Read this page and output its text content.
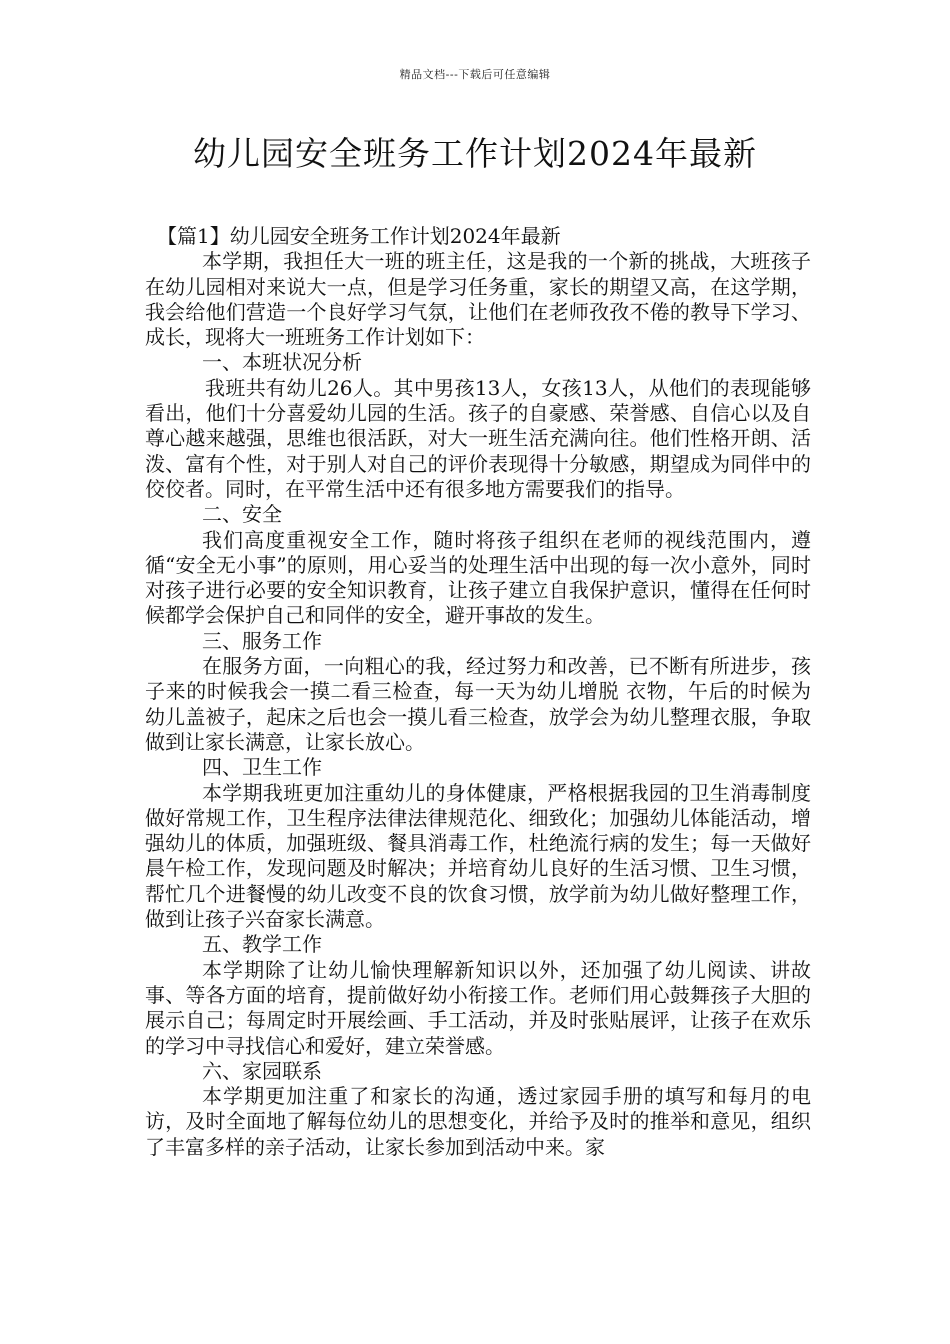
精品文档---下载后可任意编辑
幼儿园安全班务工作计划2024年最新

【篇1】幼儿园安全班务工作计划2024年最新

本学期，我担任大一班的班主任，这是我的一个新的挑战，大班孩子在幼儿园相对来说大一点，但是学习任务重，家长的期望又高，在这学期，我会给他们营造一个良好学习气氛，让他们在老师孜孜不倦的教导下学习、成长，现将大一班班务工作计划如下：

一、本班状况分析

我班共有幼儿26人。其中男孩13人，女孩13人，从他们的表现能够看出，他们十分喜爱幼儿园的生活。孩子的自豪感、荣誉感、自信心以及自尊心越来越强，思维也很活跃，对大一班生活充满向往。他们性格开朗、活泼、富有个性，对于别人对自己的评价表现得十分敏感，期望成为同伴中的佼佼者。同时，在平常生活中还有很多地方需要我们的指导。

二、安全

我们高度重视安全工作，随时将孩子组织在老师的视线范围内，遵循“安全无小事”的原则，用心妥当的处理生活中出现的每一次小意外，同时对孩子进行必要的安全知识教育，让孩子建立自我保护意识，懂得在任何时候都学会保护自己和同伴的安全，避开事故的发生。

三、服务工作

在服务方面，一向粗心的我，经过努力和改善，已不断有所进步，孩子来的时候我会一摸二看三检查，每一天为幼儿增脱 衣物，午后的时候为幼儿盖被子，起床之后也会一摸儿看三检查，放学会为幼儿整理衣服，争取做到让家长满意，让家长放心。

四、卫生工作

本学期我班更加注重幼儿的身体健康，严格根据我园的卫生消毒制度做好常规工作，卫生程序法律法律规范化、细致化；加强幼儿体能活动，增强幼儿的体质，加强班级、餐具消毒工作，杜绝流行病的发生；每一天做好晨午检工作，发现问题及时解决；并培育幼儿良好的生活习惯、卫生习惯，帮忙几个进餐慢的幼儿改变不良的饮食习惯，放学前为幼儿做好整理工作，做到让孩子兴奋家长满意。

五、教学工作

本学期除了让幼儿愉快理解新知识以外，还加强了幼儿阅读、讲故事、等各方面的培育，提前做好幼小衔接工作。老师们用心鼓舞孩子大胆的展示自己；每周定时开展绘画、手工活动，并及时张贴展评，让孩子在欢乐的学习中寻找信心和爱好，建立荣誉感。

六、家园联系

本学期更加注重了和家长的沟通，透过家园手册的填写和每月的电访，及时全面地了解每位幼儿的思想变化，并给予及时的推举和意见，组织了丰富多样的亲子活动，让家长参加到活动中来。家
